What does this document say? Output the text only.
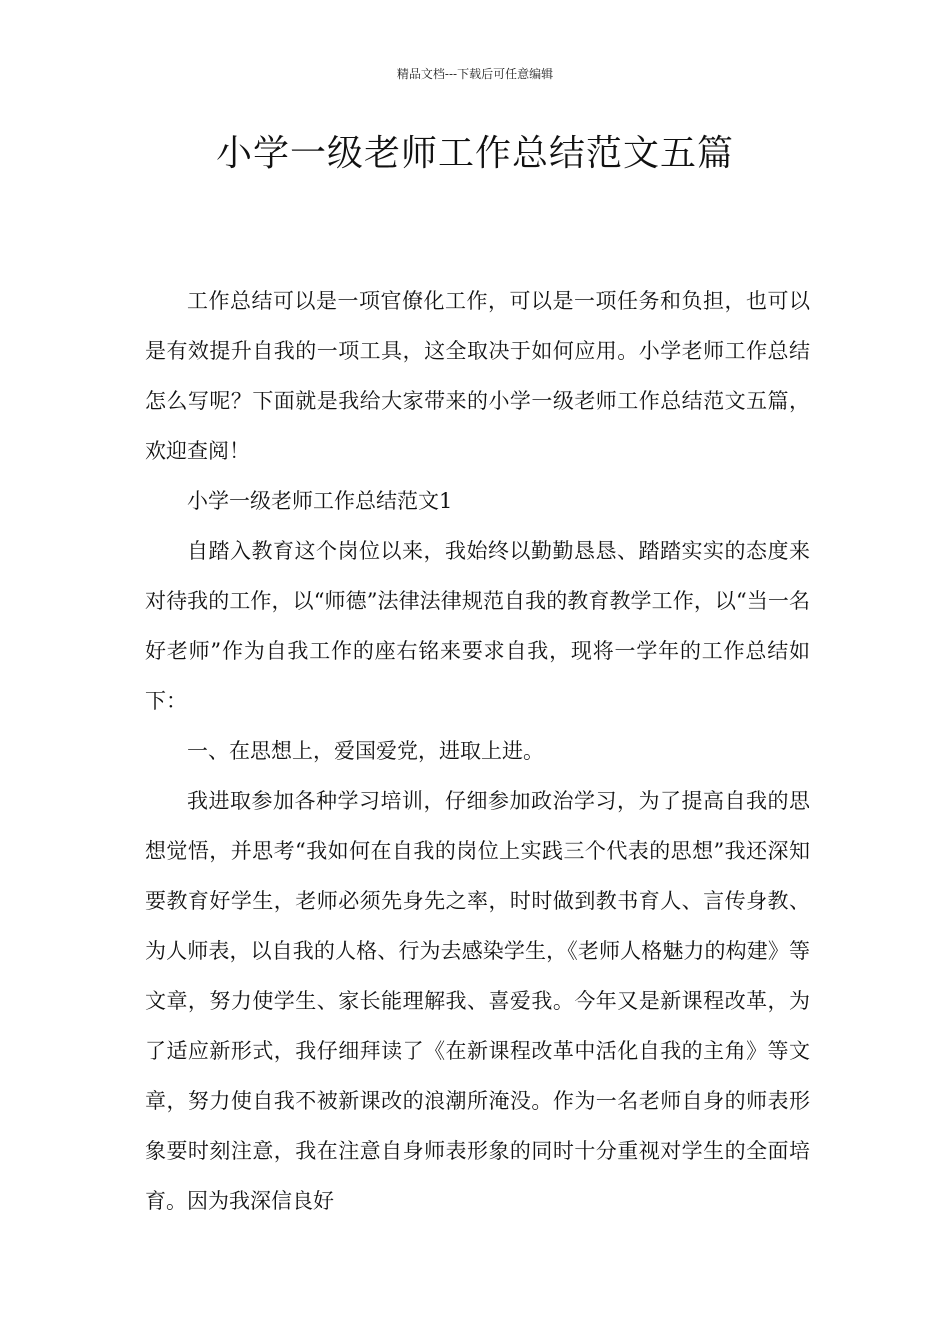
精品文档---下载后可任意编辑
小学一级老师工作总结范文五篇

工作总结可以是一项官僚化工作，可以是一项任务和负担，也可以是有效提升自我的一项工具，这全取决于如何应用。小学老师工作总结怎么写呢？下面就是我给大家带来的小学一级老师工作总结范文五篇，欢迎查阅！

小学一级老师工作总结范文1

自踏入教育这个岗位以来，我始终以勤勤恳恳、踏踏实实的态度来对待我的工作，以“师德”法律法律规范自我的教育教学工作，以“当一名好老师”作为自我工作的座右铭来要求自我，现将一学年的工作总结如下：

一、在思想上，爱国爱党，进取上进。

我进取参加各种学习培训，仔细参加政治学习，为了提高自我的思想觉悟，并思考“我如何在自我的岗位上实践三个代表的思想”我还深知要教育好学生，老师必须先身先之率，时时做到教书育人、言传身教、为人师表，以自我的人格、行为去感染学生，《老师人格魅力的构建》等文章，努力使学生、家长能理解我、喜爱我。今年又是新课程改革，为了适应新形式，我仔细拜读了《在新课程改革中活化自我的主角》等文章，努力使自我不被新课改的浪潮所淹没。作为一名老师自身的师表形象要时刻注意，我在注意自身师表形象的同时十分重视对学生的全面培育。因为我深信良好
